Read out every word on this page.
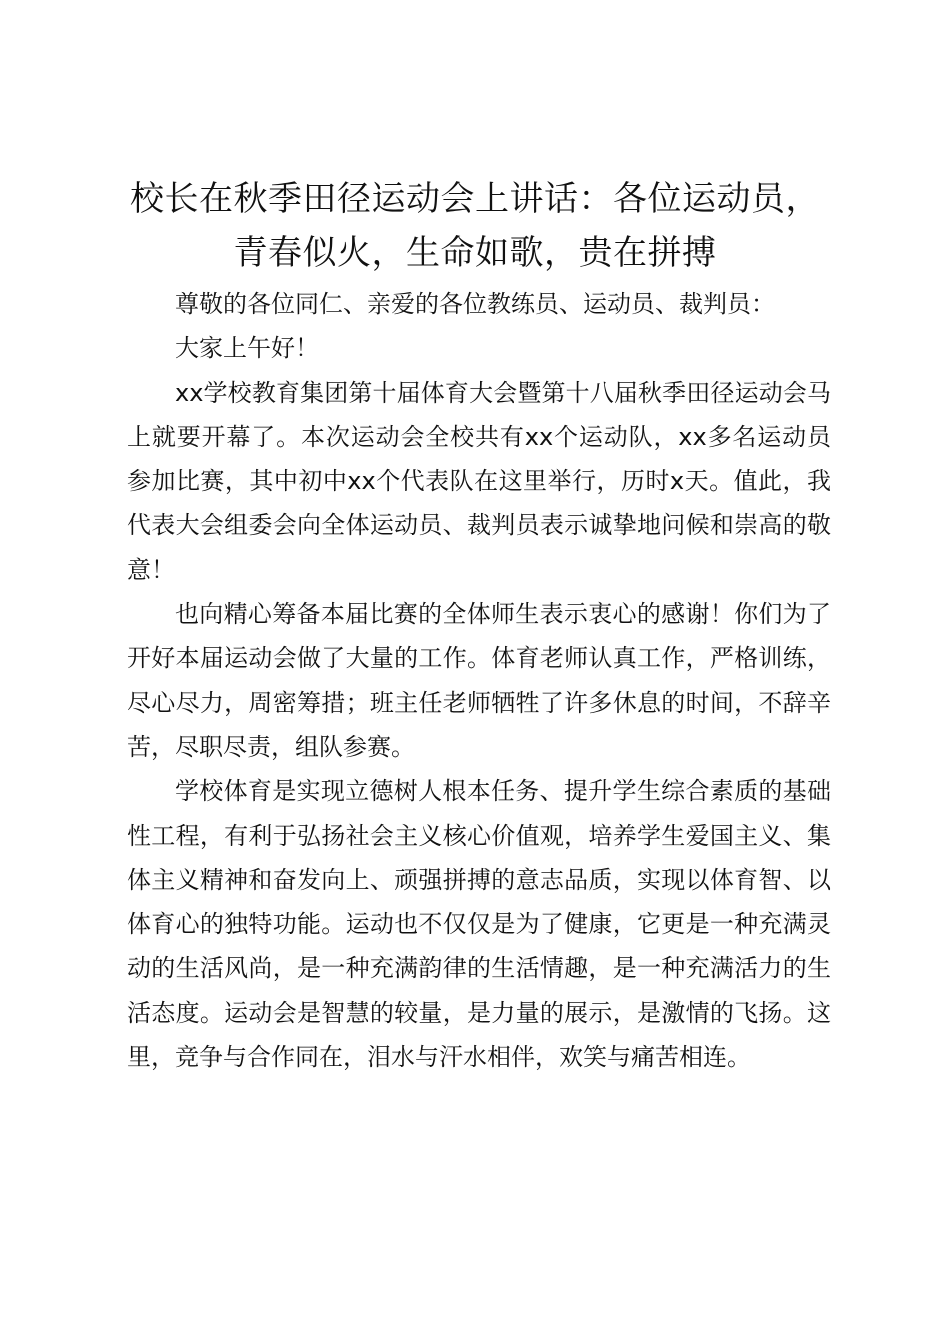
校长在秋季田径运动会上讲话：各位运动员，
青春似火，生命如歌，贵在拼搏

尊敬的各位同仁、亲爱的各位教练员、运动员、裁判员：

大家上午好！

xx学校教育集团第十届体育大会暨第十八届秋季田径运动会马上就要开幕了。本次运动会全校共有xx个运动队，xx多名运动员参加比赛，其中初中xx个代表队在这里举行，历时x天。值此，我代表大会组委会向全体运动员、裁判员表示诚挚地问候和崇高的敬意！

也向精心筹备本届比赛的全体师生表示衷心的感谢！你们为了开好本届运动会做了大量的工作。体育老师认真工作，严格训练，尽心尽力，周密筹措；班主任老师牺牲了许多休息的时间，不辞辛苦，尽职尽责，组队参赛。

学校体育是实现立德树人根本任务、提升学生综合素质的基础性工程，有利于弘扬社会主义核心价值观，培养学生爱国主义、集体主义精神和奋发向上、顽强拼搏的意志品质，实现以体育智、以体育心的独特功能。运动也不仅仅是为了健康，它更是一种充满灵动的生活风尚，是一种充满韵律的生活情趣，是一种充满活力的生活态度。运动会是智慧的较量，是力量的展示，是激情的飞扬。这里，竞争与合作同在，泪水与汗水相伴，欢笑与痛苦相连。
